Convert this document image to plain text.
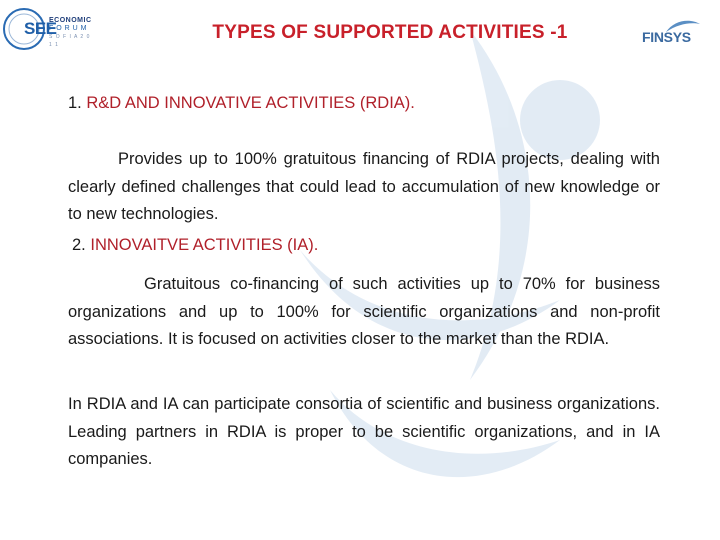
SEE
ECONOMIC
F O R U M
S O F I A 2 0 1 1	FINSYS
TYPES OF SUPPORTED ACTIVITIES -1
1. R&D AND INNOVATIVE ACTIVITIES (RDIA).

Provides up to 100% gratuitous financing of RDIA projects, dealing with clearly defined challenges that could lead to accumulation of new knowledge or to new technologies.

2. INNOVAITVE ACTIVITIES (IA).

Gratuitous co-financing of such activities up to 70% for business organizations and up to 100% for scientific organizations and non-profit associations. It is focused on activities closer to the market than the RDIA.

In RDIA and IA can participate consortia of scientific and business organizations. Leading partners in RDIA is proper to be scientific organizations, and in IA companies.
